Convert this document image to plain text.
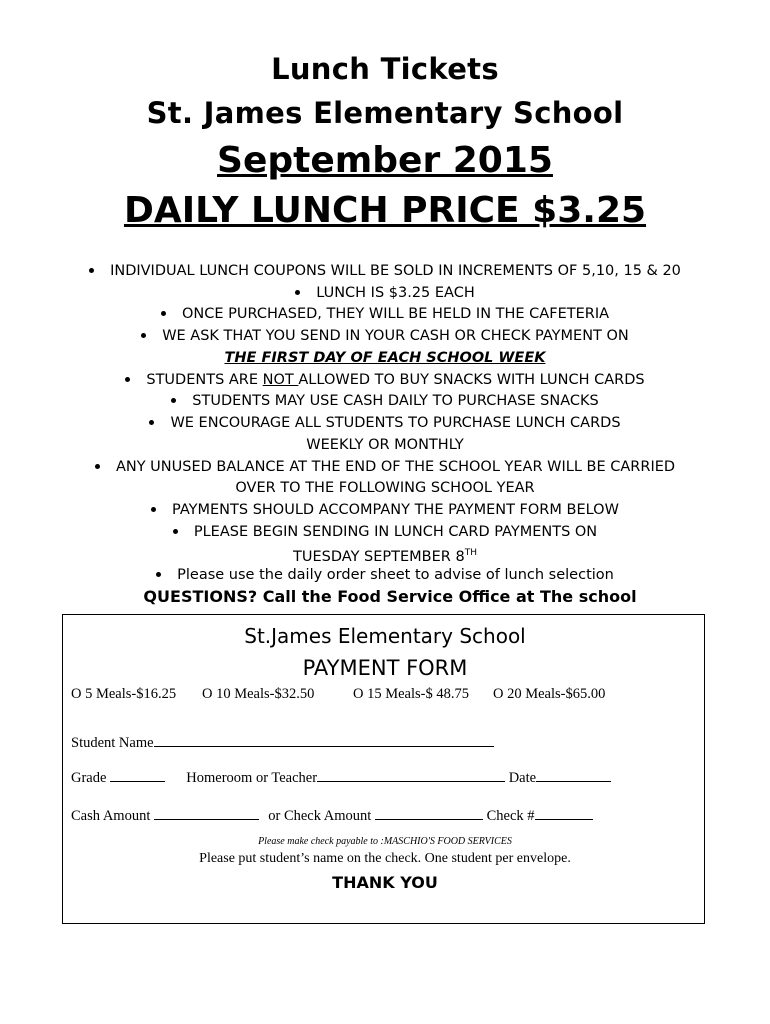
Lunch Tickets
St. James Elementary School
September 2015
DAILY LUNCH PRICE $3.25
INDIVIDUAL LUNCH COUPONS WILL BE SOLD IN INCREMENTS OF 5,10, 15 & 20
LUNCH IS $3.25 EACH
ONCE PURCHASED, THEY WILL BE HELD IN THE CAFETERIA
WE ASK THAT YOU SEND IN YOUR CASH OR CHECK PAYMENT ON
THE FIRST DAY OF EACH SCHOOL WEEK
STUDENTS ARE NOT ALLOWED TO BUY SNACKS WITH LUNCH CARDS
STUDENTS MAY USE CASH DAILY TO PURCHASE SNACKS
WE ENCOURAGE ALL STUDENTS TO PURCHASE LUNCH CARDS
WEEKLY OR MONTHLY
ANY UNUSED BALANCE AT THE END OF THE SCHOOL YEAR WILL BE CARRIED
OVER TO THE FOLLOWING SCHOOL YEAR
PAYMENTS SHOULD ACCOMPANY THE PAYMENT FORM BELOW
PLEASE BEGIN SENDING IN LUNCH CARD PAYMENTS ON
TUESDAY SEPTEMBER 8TH
Please use the daily order sheet to advise of lunch selection
QUESTIONS? Call the Food Service Office at The school
St.James Elementary School
PAYMENT FORM
O 5 Meals-$16.25 O 10 Meals-$32.50	O 15 Meals-$ 48.75 O 20 Meals-$65.00
Student Name
Grade	Homeroom or Teacher	Date
Cash Amount	or Check Amount	Check #
Please make check payable to :MASCHIO'S FOOD SERVICES
Please put student’s name on the check. One student per envelope.
THANK YOU
